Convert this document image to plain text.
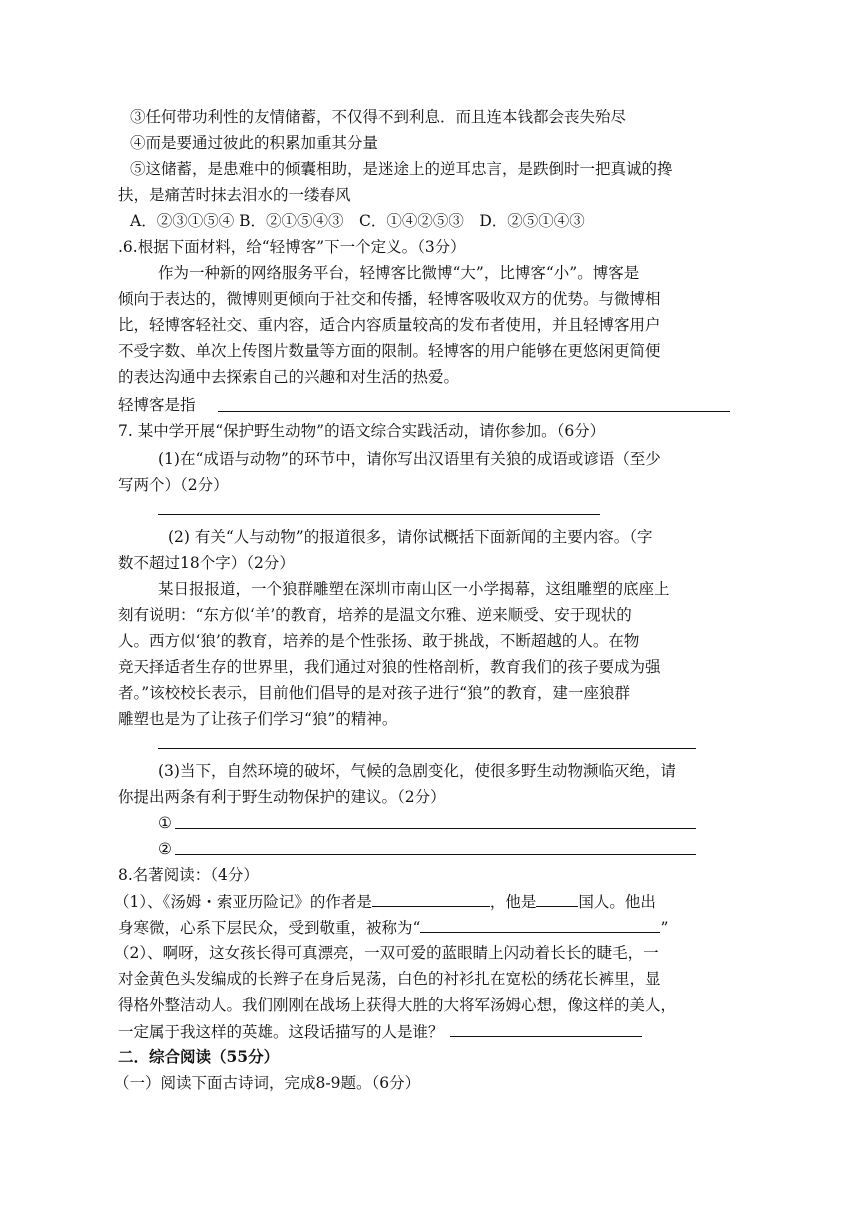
③任何带功利性的友情储蓄，不仅得不到利息．而且连本钱都会丧失殆尽
④而是要通过彼此的积累加重其分量
⑤这储蓄，是患难中的倾囊相助，是迷途上的逆耳忠言，是跌倒时一把真诚的搀
扶，是痛苦时抹去泪水的一缕春风
A．②③①⑤④ B．②①⑤④③　C．①④②⑤③　D．②⑤①④③
.6.根据下面材料，给“轻博客”下一个定义。（3分）
作为一种新的网络服务平台，轻博客比微博“大”，比博客“小”。博客是
倾向于表达的，微博则更倾向于社交和传播，轻博客吸收双方的优势。与微博相
比，轻博客轻社交、重内容，适合内容质量较高的发布者使用，并且轻博客用户
不受字数、单次上传图片数量等方面的限制。轻博客的用户能够在更悠闲更简便
的表达沟通中去探索自己的兴趣和对生活的热爱。
轻博客是指
7. 某中学开展“保护野生动物”的语文综合实践活动，请你参加。（6分）
(1)在“成语与动物”的环节中，请你写出汉语里有关狼的成语或谚语（至少
写两个）（2分）
(2) 有关“人与动物”的报道很多，请你试概括下面新闻的主要内容。（字
数不超过18个字）（2分）
某日报报道，一个狼群雕塑在深圳市南山区一小学揭幕，这组雕塑的底座上
刻有说明：“东方似‘羊’的教育，培养的是温文尔雅、逆来顺受、安于现状的
人。西方似‘狼’的教育，培养的是个性张扬、敢于挑战，不断超越的人。在物
竞天择适者生存的世界里，我们通过对狼的性格剖析，教育我们的孩子要成为强
者。”该校校长表示，目前他们倡导的是对孩子进行“狼”的教育，建一座狼群
雕塑也是为了让孩子们学习“狼”的精神。
(3)当下，自然环境的破坏，气候的急剧变化，使很多野生动物濒临灭绝，请
你提出两条有利于野生动物保护的建议。（2分）
①
②
8.名著阅读：（4分）
（1）、《汤姆・索亚历险记》的作者是	，他是	国人。他出
身寒微，心系下层民众，受到敬重，被称为“	”
（2）、啊呀，这女孩长得可真漂亮，一双可爱的蓝眼睛上闪动着长长的睫毛，一
对金黄色头发编成的长辫子在身后晃荡，白色的衬衫扎在宽松的绣花长裤里，显
得格外整洁动人。我们刚刚在战场上获得大胜的大将军汤姆心想，像这样的美人，
一定属于我这样的英雄。这段话描写的人是谁？
二．综合阅读（55分）
（一）阅读下面古诗词，完成8-9题。（6分）
